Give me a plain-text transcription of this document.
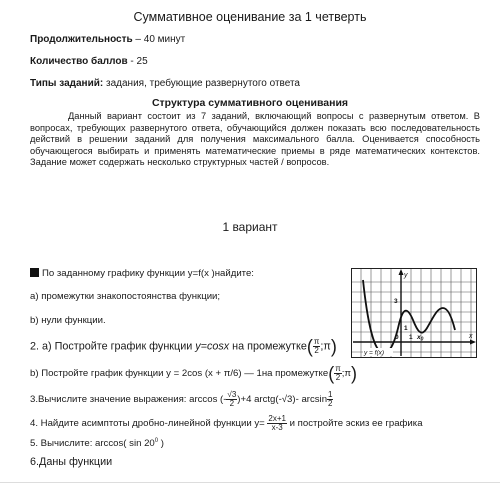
Суммативное оценивание за 1 четверть
Продолжительность – 40 минут
Количество баллов - 25
Типы заданий: задания, требующие развернутого ответа
Структура суммативного оценивания
Данный вариант состоит из 7 заданий, включающий вопросы с развернутым ответом. В вопросах, требующих развернутого ответа, обучающийся должен показать всю последовательность действий в решении заданий для получения максимального балла. Оценивается способность обучающегося выбирать и применять математические приемы в ряде математических контекстов. Задание может содержать несколько структурных частей / вопросов.
1 вариант
По заданному графику функции y=f(x )найдите:
a) промежутки знакопостоянства функции;
b) нули функции.
2. а) Постройте график функции y=cosx на промежутке( $\frac{\pi}{2}$ ;π)
b) Постройте график функции y = 2cos (x + π/6) — 1на промежутке( $\frac{\pi}{2}$ ;π)
3.Вычислите значение выражения: arccos (- $\frac{√3}{2} )+4$ arctg(-√3)- $\arcsin \frac{1}{2}$
4. Найдите асимптоты дробно-линейной функции $y= \frac{2x+1}{x-3}$ и постройте эскиз ее графика
5. Вычислите: arccos( $\sin 20^0$ )
6.Даны функции
y
x
3
1
0 1 $x_0$
y = f(x)
